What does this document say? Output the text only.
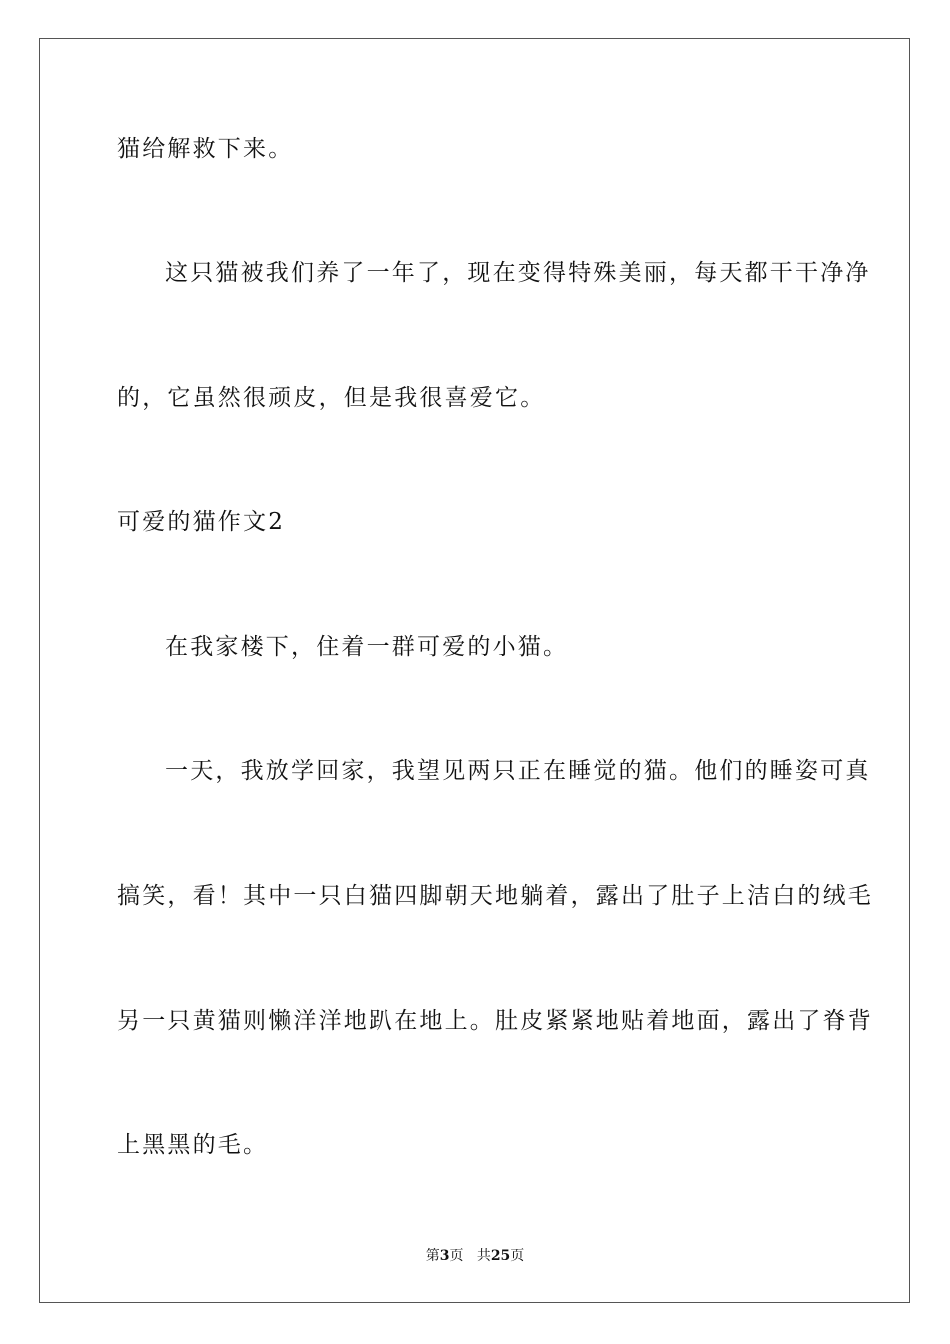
猫给解救下来。
这只猫被我们养了一年了，现在变得特殊美丽，每天都干干净净
的，它虽然很顽皮，但是我很喜爱它。
可爱的猫作文2
在我家楼下，住着一群可爱的小猫。
一天，我放学回家，我望见两只正在睡觉的猫。他们的睡姿可真
搞笑，看！其中一只白猫四脚朝天地躺着，露出了肚子上洁白的绒毛
另一只黄猫则懒洋洋地趴在地上。肚皮紧紧地贴着地面，露出了脊背
上黑黑的毛。
第3页 共25页
